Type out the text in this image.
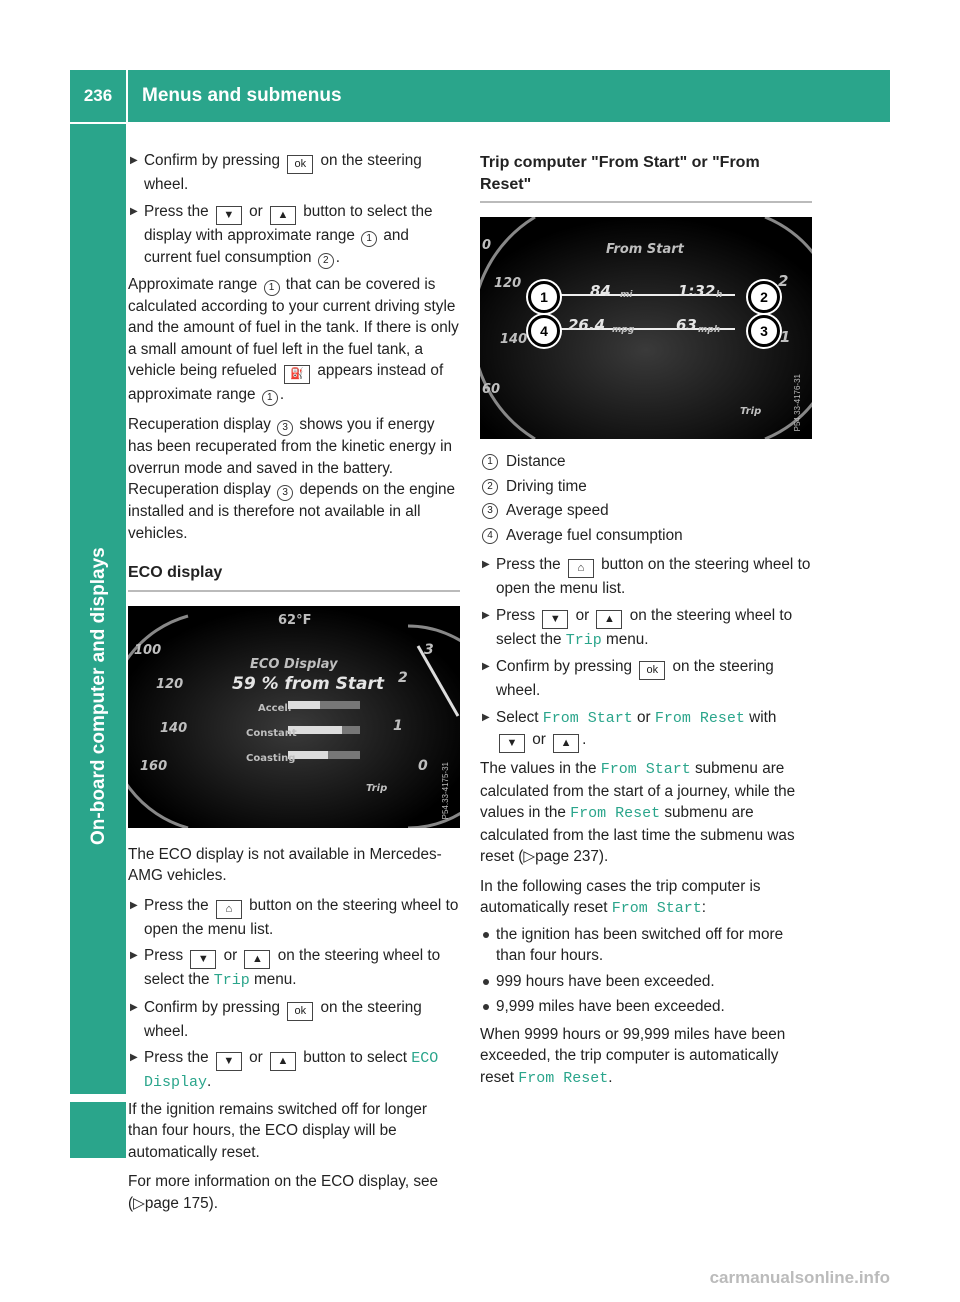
236	Menus and submenus
On-board computer and displays
▶ Confirm by pressing ok on the steering wheel.
▶ Press the ▼ or ▲ button to select the display with approximate range 1 and current fuel consumption 2 .

Approximate range 1 that can be covered is calculated according to your current driving style and the amount of fuel in the tank. If there is only a small amount of fuel left in the fuel tank, a vehicle being refueled ⛽ appears instead of approximate range 1 .

Recuperation display 3 shows you if energy has been recuperated from the kinetic energy in overrun mode and saved in the battery. Recuperation display 3 depends on the engine installed and is therefore not available in all vehicles.

ECO display
62°F
ECO Display
59 % from Start
Accel.
Constant
Coasting
100
120
140
160
3
2
1
0
Trip	P54.33-4175-31

The ECO display is not available in Mercedes-AMG vehicles.

▶ Press the ⌂ button on the steering wheel to open the menu list.
▶ Press ▼ or ▲ on the steering wheel to select the Trip menu.
▶ Confirm by pressing ok on the steering wheel.
▶ Press the ▼ or ▲ button to select ECO Display.

If the ignition remains switched off for longer than four hours, the ECO display will be automatically reset.

For more information on the ECO display, see (▷page 175).

Trip computer "From Start" or "From Reset"
From Start
84 mi	1:32 h
26.4 mpg	63 mph
0
120
140
60
2
1
Trip
1	2
3
4
P54.33-4176-31
1 Distance
2 Driving time
3 Average speed
4 Average fuel consumption
▶ Press the ⌂ button on the steering wheel to open the menu list.
▶ Press ▼ or ▲ on the steering wheel to select the Trip menu.
▶ Confirm by pressing ok on the steering wheel.
▶ Select From Start or From Reset with ▼ or ▲ .

The values in the From Start submenu are calculated from the start of a journey, while the values in the From Reset submenu are calculated from the last time the submenu was reset (▷page 237).

In the following cases the trip computer is automatically reset From Start:

the ignition has been switched off for more than four hours.
999 hours have been exceeded.
9,999 miles have been exceeded.

When 9999 hours or 99,999 miles have been exceeded, the trip computer is automatically reset From Reset.

carmanualsonline.info
